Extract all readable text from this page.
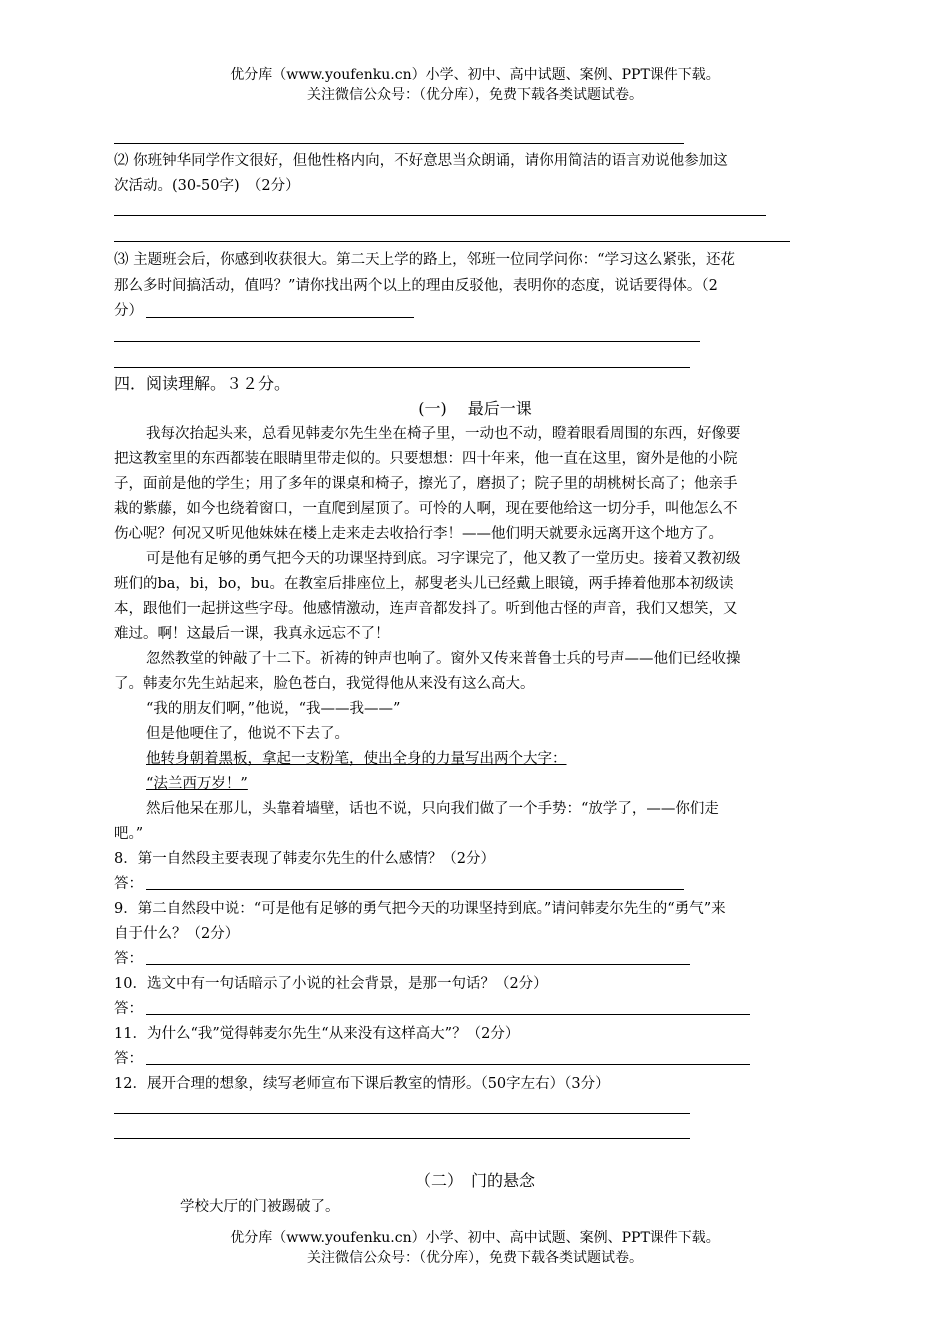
优分库（www.youfenku.cn）小学、初中、高中试题、案例、PPT课件下载。
关注微信公众号：（优分库），免费下载各类试题试卷。
⑵ 你班钟华同学作文很好，但他性格内向，不好意思当众朗诵，请你用简洁的语言劝说他参加这
次活动。(30-50字)　（2分）
⑶ 主题班会后，你感到收获很大。第二天上学的路上，邻班一位同学问你：“学习这么紧张，还花
那么多时间搞活动，值吗？”请你找出两个以上的理由反驳他，表明你的态度，说话要得体。（2
分）
四．阅读理解。３２分。
(一)　 最后一课
我每次抬起头来，总看见韩麦尔先生坐在椅子里，一动也不动，瞪着眼看周围的东西，好像要
把这教室里的东西都装在眼睛里带走似的。只要想想：四十年来，他一直在这里，窗外是他的小院
子，面前是他的学生；用了多年的课桌和椅子，擦光了，磨损了；院子里的胡桃树长高了；他亲手
栽的紫藤，如今也绕着窗口，一直爬到屋顶了。可怜的人啊，现在要他给这一切分手，叫他怎么不
伤心呢？何况又听见他妹妹在楼上走来走去收拾行李！——他们明天就要永远离开这个地方了。
可是他有足够的勇气把今天的功课坚持到底。习字课完了，他又教了一堂历史。接着又教初级
班们的ba，bi，bo，bu。在教室后排座位上，郝叟老头儿已经戴上眼镜，两手捧着他那本初级读
本，跟他们一起拼这些字母。他感情激动，连声音都发抖了。听到他古怪的声音，我们又想笑，又
难过。啊！这最后一课，我真永远忘不了！
忽然教堂的钟敲了十二下。祈祷的钟声也响了。窗外又传来普鲁士兵的号声——他们已经收操
了。韩麦尔先生站起来，脸色苍白，我觉得他从来没有这么高大。
“我的朋友们啊，”他说，“我——我——”
但是他哽住了，他说不下去了。
他转身朝着黑板，拿起一支粉笔，使出全身的力量写出两个大字：
“法兰西万岁！”
然后他呆在那儿，头靠着墙壁，话也不说，只向我们做了一个手势：“放学了，——你们走
吧。”
8．第一自然段主要表现了韩麦尔先生的什么感情？（2分）
答：
9．第二自然段中说：“可是他有足够的勇气把今天的功课坚持到底。”请问韩麦尔先生的“勇气”来
自于什么？（2分）
答：
10．选文中有一句话暗示了小说的社会背景，是那一句话？（2分）
答：
11．为什么“我”觉得韩麦尔先生“从来没有这样高大”？（2分）
答：
12．展开合理的想象，续写老师宣布下课后教室的情形。（50字左右）（3分）
（二）　门的悬念
学校大厅的门被踢破了。
优分库（www.youfenku.cn）小学、初中、高中试题、案例、PPT课件下载。
关注微信公众号：（优分库），免费下载各类试题试卷。
